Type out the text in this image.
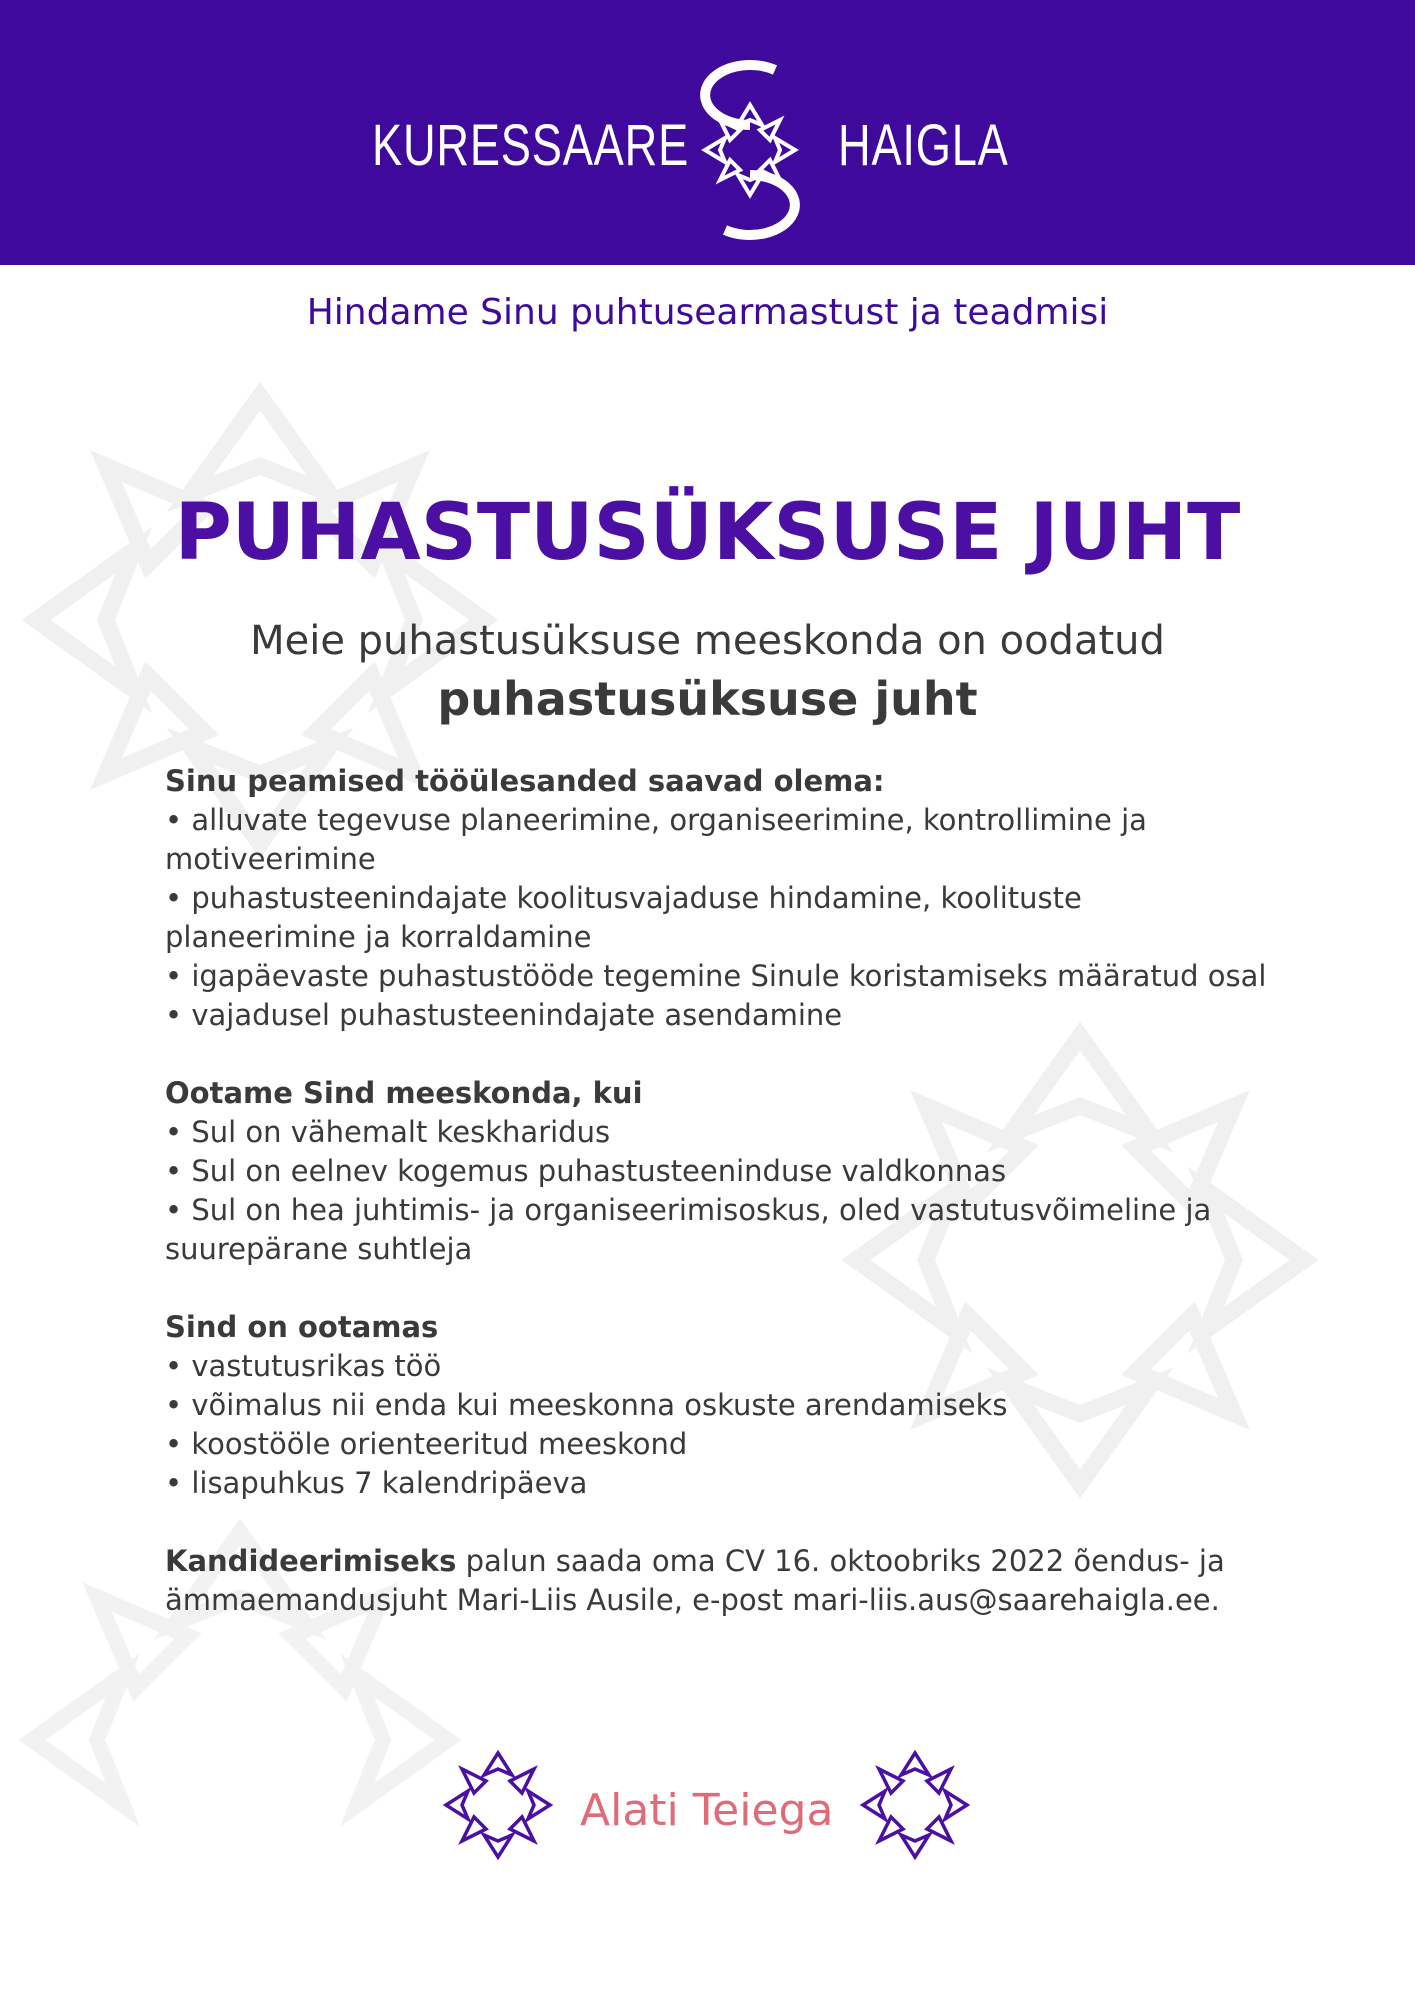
KURESSAARE	HAIGLA
Hindame Sinu puhtusearmastust ja teadmisi
PUHASTUSÜKSUSE JUHT
Meie puhastusüksuse meeskonda on oodatud
puhastusüksuse juht
Sinu peamised tööülesanded saavad olema:
• alluvate tegevuse planeerimine, organiseerimine, kontrollimine ja motiveerimine
• puhastusteenindajate koolitusvajaduse hindamine, koolituste planeerimine ja korraldamine
• igapäevaste puhastustööde tegemine Sinule koristamiseks määratud osal
• vajadusel puhastusteenindajate asendamine
Ootame Sind meeskonda, kui
• Sul on vähemalt keskharidus
• Sul on eelnev kogemus puhastusteeninduse valdkonnas
• Sul on hea juhtimis- ja organiseerimisoskus, oled vastutusvõimeline ja suurepärane suhtleja
Sind on ootamas
• vastutusrikas töö
• võimalus nii enda kui meeskonna oskuste arendamiseks
• koostööle orienteeritud meeskond
• lisapuhkus 7 kalendripäeva
Kandideerimiseks palun saada oma CV 16. oktoobriks 2022 õendus- ja ämmaemandusjuht Mari-Liis Ausile, e-post mari-liis.aus@saarehaigla.ee.
Alati Teiega
